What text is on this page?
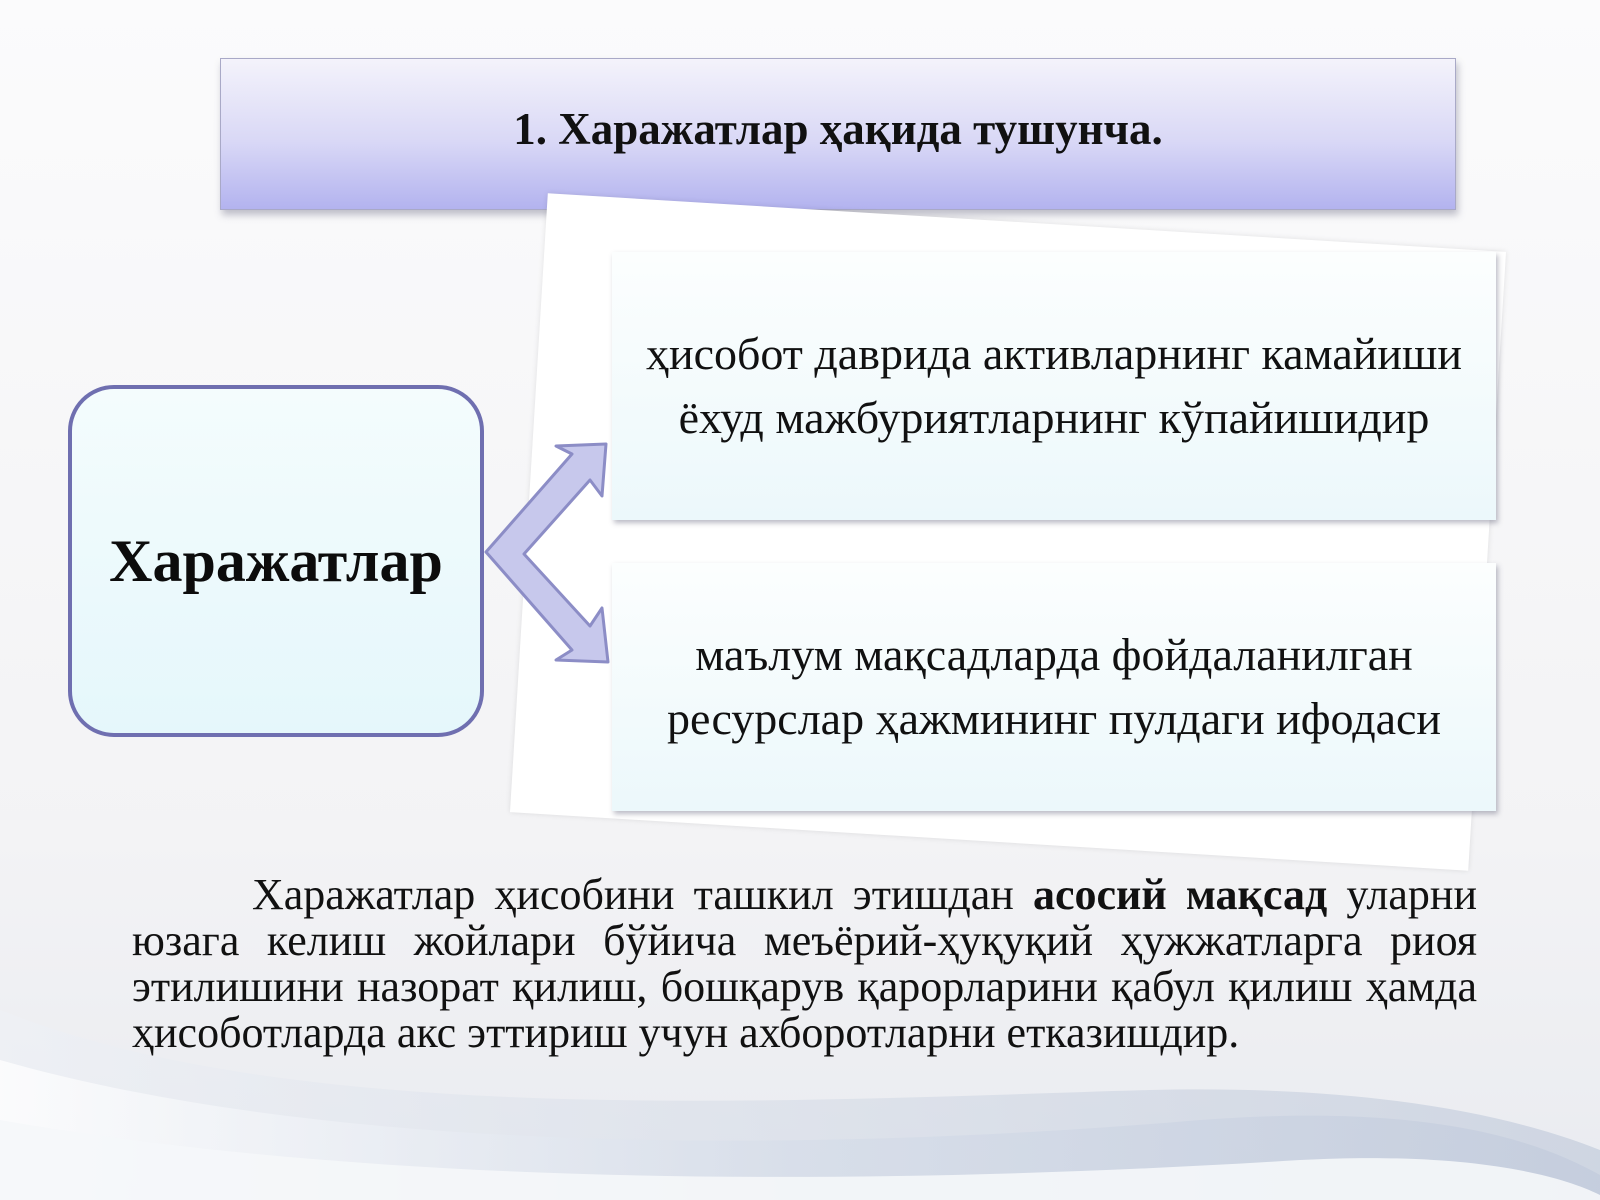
1. Харажатлар ҳақида тушунча.
Харажатлар
ҳисобот даврида активларнинг камайиши ёхуд мажбуриятларнинг кўпайишидир
маълум мақсадларда фойдаланилган ресурслар ҳажмининг пулдаги ифодаси

Харажатлар ҳисобини ташкил этишдан асосий мақсад уларни юзага келиш жойлари бўйича меъёрий-ҳуқуқий ҳужжатларга риоя этилишини назорат қилиш, бошқарув қарорларини қабул қилиш ҳамда ҳисоботларда акс эттириш учун ахборотларни етказишдир.
